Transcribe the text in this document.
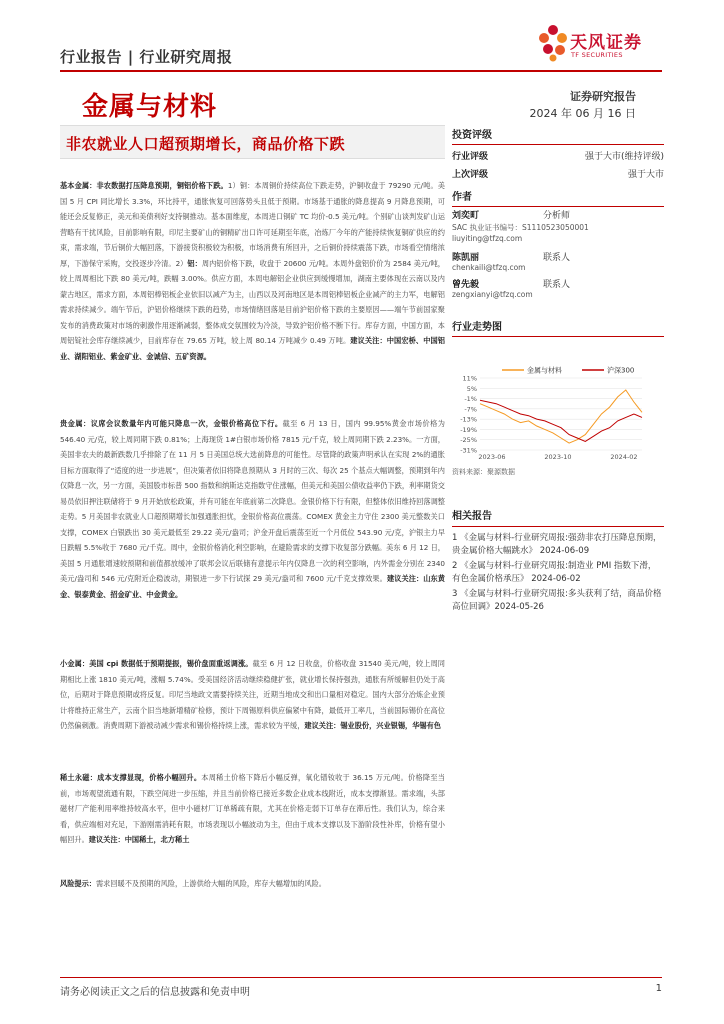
行业报告 | 行业研究周报
天风证券
TF SECURITIES
金属与材料	证券研究报告
2024 年 06 月 16 日
非农就业人口超预期增长，商品价格下跌
基本金属：非农数据打压降息预期，铜铝价格下跌。1）铜：本周铜价持续高位下跌走势，沪铜收盘于 79290 元/吨。美国 5 月 CPI 同比增长 3.3%，环比持平，通胀恢复可回落势头且低于预期。市场基于通胀的降息提高 9 月降息预期，可能还会反复修正，美元和美债利好支持铜推动。基本面维度，本周进口铜矿 TC 均价-0.5 美元/吨。个别矿山谈判发矿山运营略有干扰风险，目前影响有限，印尼主要矿山的铜精矿出口许可延期至年底，冶炼厂今年的产能持续恢复铜矿供应的约束，需求端，节后铜价大幅回落，下游接货积极较为积极，市场消费有所回升，之后铜价持续震荡下跌，市场看空情绪浓厚，下游保守采购，交投逐步冷清。2）铝：周内铝价格下跌，收盘于 20600 元/吨。本周外盘铝价价为 2584 美元/吨，较上周周相比下跌 80 美元/吨，跌幅 3.00%。供应方面，本周电解铝企业供应到缓慢增加，湖南主要体现在云南以及内蒙古地区，需求方面，本周铝棒铝板企业依旧以减产为主，山西以及河南地区是本周铝棒铝板企业减产的主力军，电解铝需求持续减少。端午节后，沪铝价格继续下跌的趋势，市场情绪回落是目前沪铝价格下跌的主要原因——端午节前国家聚发布的消费政策对市场的刺激作用逐渐减弱，整体成交氛围较为冷淡，导致沪铝价格不断下行。库存方面，中国方面，本周铝锭社会库存继续减少，目前库存在 79.65 万吨，较上周 80.14 万吨减少 0.49 万吨。建议关注：中国宏桥、中国铝业、湖阳铝业、紫金矿业、金诚信、五矿资源。
贵金属：议席会议数量年内可能只降息一次，金银价格高位下行。截至 6 月 13 日，国内 99.95%黄金市场价格为 546.40 元/克，较上周同期下跌 0.81%；上海现货 1#白银市场价格 7815 元/千克，较上周同期下跌 2.23%。一方面，美国非农夫的最新跌数几乎排除了在 11 月 5 日美国总统大选前降息的可能性。尽管降的政策声明承认在实现 2%的通胀目标方面取得了“适度的进一步进展”，但决策者依旧将降息预期从 3 月时的三次、每次 25 个基点大幅调整，预期到年内仅降息一次，另一方面，美国股市标普 500 指数和纳斯达克指数守住涨幅，但美元和美国公债收益率仍下跌，利率期货交易员依旧押注联储将于 9 月开始放松政策，并有可能在年底前第二次降息。金银价格下行有限，但整体依旧维持回落调整走势。5 月美国非农就业人口超预期增长加强通胀担忧，金银价格高位震荡。COMEX 黄金主力守住 2300 美元整数关口支撑，COMEX 白银跌出 30 美元最低至 29.22 美元/盎司；沪金开盘后震荡至近一个月低位 543.90 元/克，沪银主力早日跌幅 5.5%收于 7680 元/千克。周中，金银价格消化利空影响，在避险需求的支撑下收复部分跌幅。美东 6 月 12 日，美国 5 月通胀增速较预期和前值都放缓冲了联邦会议后联储有意提示年内仅降息一次的利空影响，内外需金分别在 2340 美元/盎司和 546 元/克附近企稳波动，期银进一步下行试探 29 美元/盎司和 7600 元/千克支撑效果。建议关注：山东黄金、银泰黄金、招金矿业、中金黄金。
小金属：美国 cpi 数据低于预期提振，锡价盘面重返调涨。截至 6 月 12 日收盘，价格收盘 31540 美元/吨，较上周同期相比上涨 1810 美元/吨，涨幅 5.74%。受美国经济活动继续稳健扩张，就业增长保持强劲，通胀有所缓解但仍处于高位，后期对于降息预期或将反复。印尼当地政文需要持续关注，近期当地成交和出口量相对稳定。国内大部分冶炼企业预计将维持正常生产，云南个旧当地新增精矿检修，预计下周锡原料供应偏紧中有降，最低开工率几，当前国际锡价在高位仍然偏刺激。消费周期下游被动减少需求和锡价格持续上涨，需求较为平缓，建议关注：锡业股份，兴业银锡，华锡有色
稀土永磁：成本支撑显现，价格小幅回升。本周稀土价格下降后小幅反弹，氧化镨钕收于 36.15 万元/吨。价格降至当前，市场观望流通有限，下跌空间进一步压缩，并且当前价格已接近多数企业成本线附近，成本支撑渐显。需求端，头部磁材厂产能利用率维持较高水平，但中小磁材厂订单稀疏有限，尤其在价格走弱下订单存在滞后性。我们认为，综合来看，供应端相对充足，下游刚需消耗有限，市场表现以小幅波动为主，但由于成本支撑以及下游阶段性补库，价格有望小幅回升。建议关注：中国稀土，北方稀土
风险提示：需求回暖不及预期的风险，上游供给大幅的风险，库存大幅增加的风险。
投资评级
行业评级	强于大市(维持评级)
上次评级	强于大市
作者
刘奕町	分析师
SAC 执业证书编号：S1110523050001
liuyiting@tfzq.com
陈凯丽	联系人
chenkaili@tfzq.com
曾先毅	联系人
zengxianyi@tfzq.com
行业走势图
金属与材料	沪深300
11%
5%
-1%
-7%
-13%
-19%
-25%
-31%
2023-06	2023-10	2024-02
资料来源：聚源数据
相关报告

1 《金属与材料-行业研究周报:强劲非农打压降息预期，贵金属价格大幅跳水》 2024-06-09

2 《金属与材料-行业研究周报:制造业 PMI 指数下滑，有色金属价格承压》 2024-06-02

3 《金属与材料-行业研究周报:多头获利了结，商品价格高位回调》2024-05-26

请务必阅读正文之后的信息披露和免责申明	1
